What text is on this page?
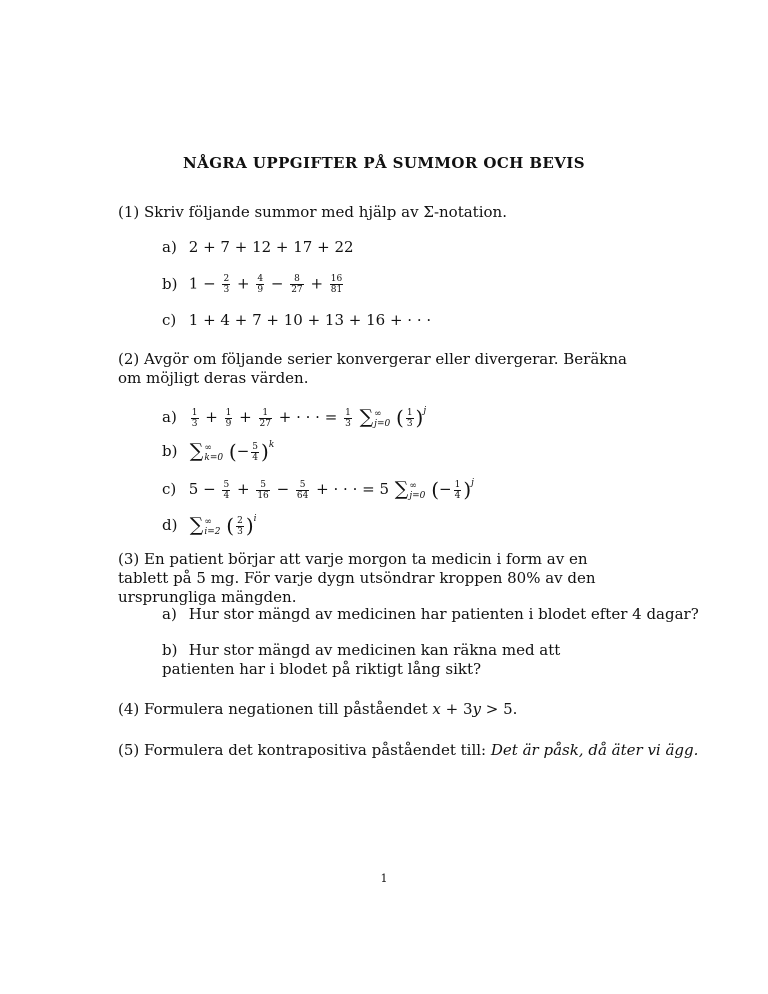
NÅGRA UPPGIFTER PÅ SUMMOR OCH BEVIS
(1) Skriv följande summor med hjälp av Σ-notation.
a) 2 + 7 + 12 + 17 + 22
b) $1 - \frac{2}{3} + \frac{4}{9} - \frac{8}{27} + \frac{16}{81}$
c) 1 + 4 + 7 + 10 + 13 + 16 + · · ·
(2) Avgör om följande serier konvergerar eller divergerar. Beräkna om möjligt deras värden.
$a) \frac{1}{3} + \frac{1}{9} + \frac{1}{27}$ + · · · = $\frac{1}{3}$ ∑ ∞
j=0 ( $\frac{1}{3} )^j$
b) ∑ ∞
k=0 (− $\frac{5}{4} )^k$
c) $5 - \frac{5}{4} + \frac{5}{16} - \frac{5}{64}$ + · · · = 5 ∑ ∞
j=0 (− $\frac{1}{4} )^j$
d) ∑ ∞
i=2 ( $\frac{2}{3} )^i$
(3) En patient börjar att varje morgon ta medicin i form av en tablett på 5 mg. För varje dygn utsöndrar kroppen 80% av den ursprungliga mängden.
a) Hur stor mängd av medicinen har patienten i blodet efter 4 dagar?
b) Hur stor mängd av medicinen kan räkna med att patienten har i blodet på riktigt lång sikt?
(4) Formulera negationen till påståendet x + 3y > 5.
(5) Formulera det kontrapositiva påståendet till: Det är påsk, då äter vi ägg.
1
